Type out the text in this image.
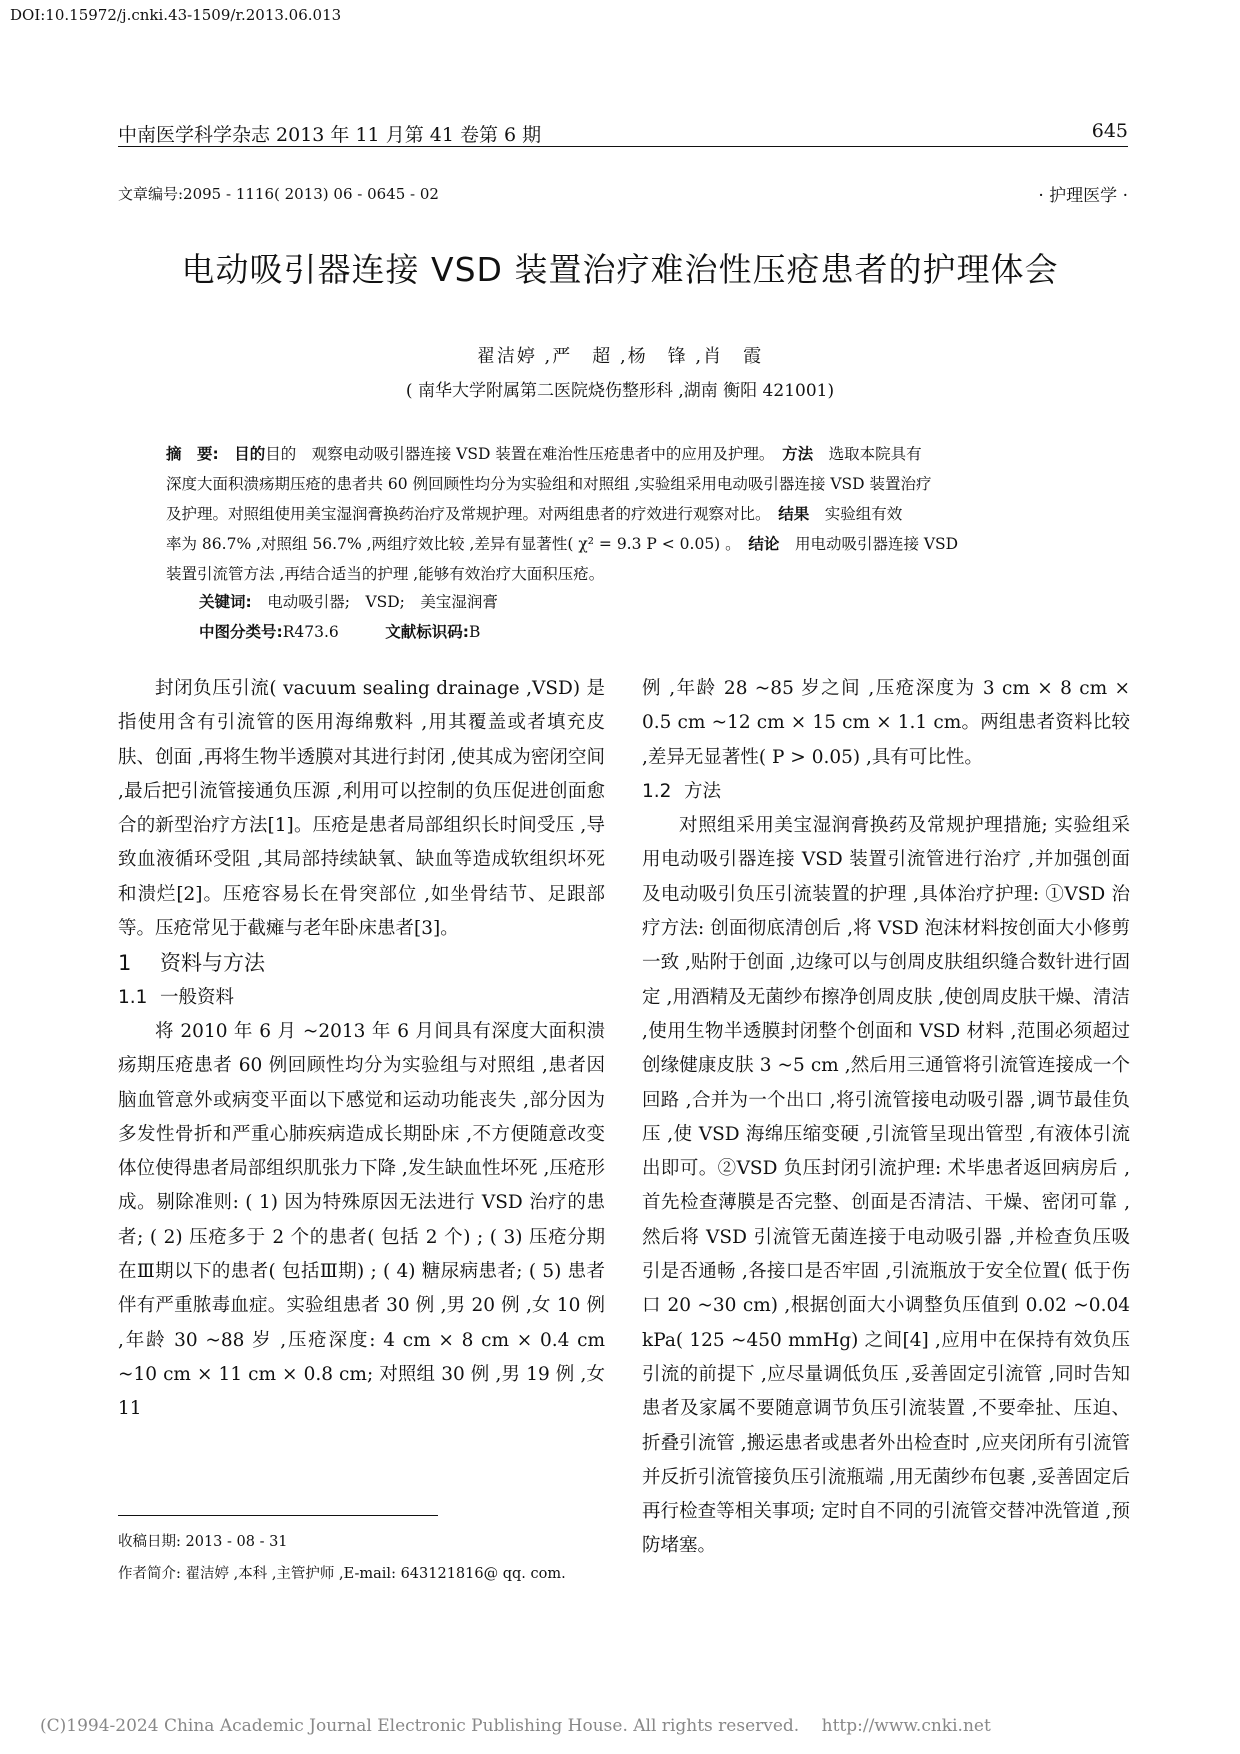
DOI:10.15972/j.cnki.43-1509/r.2013.06.013
中南医学科学杂志 2013 年 11 月第 41 卷第 6 期	645
文章编号:2095 - 1116( 2013) 06 - 0645 - 02	· 护理医学 ·
电动吸引器连接 VSD 装置治疗难治性压疮患者的护理体会
翟洁婷 ,严　超 ,杨　锋 ,肖　霞
( 南华大学附属第二医院烧伤整形科 ,湖南 衡阳 421001)
摘　要:　 目的目的　观察电动吸引器连接 VSD 装置在难治性压疮患者中的应用及护理。　方法　 选取本院具有
深度大面积溃疡期压疮的患者共 60 例回顾性均分为实验组和对照组 ,实验组采用电动吸引器连接 VSD 装置治疗
及护理。对照组使用美宝湿润膏换药治疗及常规护理。对两组患者的疗效进行观察对比。　结果　 实验组有效
率为 86.7% ,对照组 56.7% ,两组疗效比较 ,差异有显著性( χ² = 9.3 P < 0.05) 。　结论　 用电动吸引器连接 VSD
装置引流管方法 ,再结合适当的护理 ,能够有效治疗大面积压疮。
关键词:　 电动吸引器;　VSD;　美宝湿润膏
中图分类号:R473.6　　　	文献标识码:B

封闭负压引流( vacuum sealing drainage ,VSD) 是指使用含有引流管的医用海绵敷料 ,用其覆盖或者填充皮肤、创面 ,再将生物半透膜对其进行封闭 ,使其成为密闭空间 ,最后把引流管接通负压源 ,利用可以控制的负压促进创面愈合的新型治疗方法[1]。压疮是患者局部组织长时间受压 ,导致血液循环受阻 ,其局部持续缺氧、缺血等造成软组织坏死和溃烂[2]。压疮容易长在骨突部位 ,如坐骨结节、足跟部等。压疮常见于截瘫与老年卧床患者[3]。

1 资料与方法

1.1 一般资料

将 2010 年 6 月 ~2013 年 6 月间具有深度大面积溃疡期压疮患者 60 例回顾性均分为实验组与对照组 ,患者因脑血管意外或病变平面以下感觉和运动功能丧失 ,部分因为多发性骨折和严重心肺疾病造成长期卧床 ,不方便随意改变体位使得患者局部组织肌张力下降 ,发生缺血性坏死 ,压疮形成。剔除准则: ( 1) 因为特殊原因无法进行 VSD 治疗的患者; ( 2) 压疮多于 2 个的患者( 包括 2 个) ; ( 3) 压疮分期在Ⅲ期以下的患者( 包括Ⅲ期) ; ( 4) 糖尿病患者; ( 5) 患者伴有严重脓毒血症。实验组患者 30 例 ,男 20 例 ,女 10 例 ,年龄 30 ~88 岁 ,压疮深度: 4 cm × 8 cm × 0.4 cm ~10 cm × 11 cm × 0.8 cm; 对照组 30 例 ,男 19 例 ,女 11

例 ,年龄 28 ~85 岁之间 ,压疮深度为 3 cm × 8 cm × 0.5 cm ~12 cm × 15 cm × 1.1 cm。两组患者资料比较 ,差异无显著性( P > 0.05) ,具有可比性。

1.2 方法

对照组采用美宝湿润膏换药及常规护理措施; 实验组采用电动吸引器连接 VSD 装置引流管进行治疗 ,并加强创面及电动吸引负压引流装置的护理 ,具体治疗护理: ①VSD 治疗方法: 创面彻底清创后 ,将 VSD 泡沫材料按创面大小修剪一致 ,贴附于创面 ,边缘可以与创周皮肤组织缝合数针进行固定 ,用酒精及无菌纱布擦净创周皮肤 ,使创周皮肤干燥、清洁 ,使用生物半透膜封闭整个创面和 VSD 材料 ,范围必须超过创缘健康皮肤 3 ~5 cm ,然后用三通管将引流管连接成一个回路 ,合并为一个出口 ,将引流管接电动吸引器 ,调节最佳负压 ,使 VSD 海绵压缩变硬 ,引流管呈现出管型 ,有液体引流出即可。②VSD 负压封闭引流护理: 术毕患者返回病房后 ,首先检查薄膜是否完整、创面是否清洁、干燥、密闭可靠 ,然后将 VSD 引流管无菌连接于电动吸引器 ,并检查负压吸引是否通畅 ,各接口是否牢固 ,引流瓶放于安全位置( 低于伤口 20 ~30 cm) ,根据创面大小调整负压值到 0.02 ~0.04 kPa( 125 ~450 mmHg) 之间[4] ,应用中在保持有效负压引流的前提下 ,应尽量调低负压 ,妥善固定引流管 ,同时告知患者及家属不要随意调节负压引流装置 ,不要牵扯、压迫、折叠引流管 ,搬运患者或患者外出检查时 ,应夹闭所有引流管并反折引流管接负压引流瓶端 ,用无菌纱布包裹 ,妥善固定后再行检查等相关事项; 定时自不同的引流管交替冲洗管道 ,预防堵塞。

收稿日期: 2013 - 08 - 31
作者简介: 翟洁婷 ,本科 ,主管护师 ,E-mail: 643121816@ qq. com.
(C)1994-2024 China Academic Journal Electronic Publishing House. All rights reserved.　 http://www.cnki.net
